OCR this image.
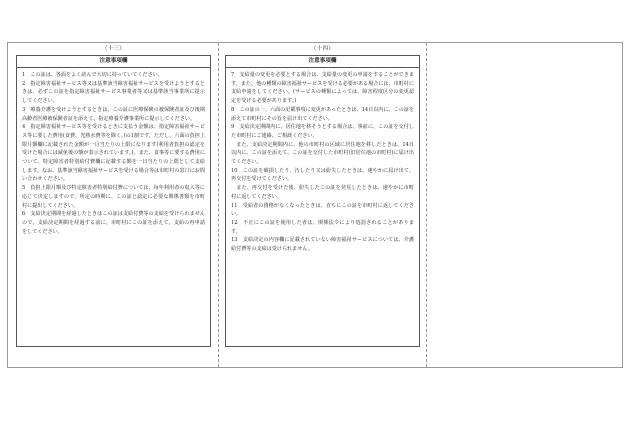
（十三）
注意事項欄

1　この証は、各面をよく読んで大切に持っていてください。

2　指定障害福祉サービス等又は基準該当障害福祉サービスを受けようとするときは、必ずこの証を指定障害福祉サービス事業者等又は基準該当事業所に提示してください。

3　療養介護を受けようとするときは、この証に医療保険の被保険者証及び後期高齢者医療被保険者証を添えて、指定療養介護事業所に提示してください。

4　指定障害福祉サービス等を受けるときに支払う金額は、指定障害福祉サービス等に要した費用(食費、光熱水費等を除く。)の1割です。ただし、六面の負担上限月額欄に記載された金額が一月当たりの上限になります(利用者負担の認定を受けた場合には減免後の額が表示されています。)。また、食事等に要する費用について、特定障害者特別給付費欄に記載する額を一日当たりの上限として支給します。なお、基準該当障害福祉サービスを受ける場合等は市町村の窓口にお問い合わせください。

5　負担上限月額及び特定障害者特別給付費については、毎年利用者の収入等に応じて決定しますので、所定の時期に、この証と認定に必要な関係書類を市町村に提出してください。

6　支給決定期間を経過したときはこの証は支給付費等の支給を受けられませんので、支給決定期間を経過する前に、市町村にこの証を添えて、支給の再申請をしてください。

（十四）
注意事項欄

7　支給量の変更を必要とする場合は、支給量の変更の申請をすることができます。また、他の種類の障害福祉サービスを受ける必要がある場合には、市町村に支給申請をしてください。(サービスの種類によっては、障害程度区分の変更認定を受ける必要があります。)

8　この証の一、六面の記載事項に変更があったときは、14日以内に、この証を添えて市町村にその旨を届け出てください。

9　支給決定期間内に、居住地を移そうとする場合は、事前に、この証を交付した市町村にご連絡、ご相談ください。

　また、支給決定期間内に、他の市町村の区域に居住地を移したときは、14日以内に、この証を添えて、この証を交付した市町村(旧居住地の市町村)に届け出てください。

10　この証を破損したり、汚したり又は紛失したときは、速やかに届け出て、再交付を受けてください。

　また、再交付を受けた後、紛失したこの証を発見したときは、速やかに市町村に返してください。

11　受給者の資格がなくなったときは、直ちにこの証を市町村に返してください。

12　不正にこの証を使用した者は、関係法令により処罰されることがあります。

13　支給決定の内容欄に記載されていない障害福祉サービスについては、介護給付費等の支給は受けられません。
